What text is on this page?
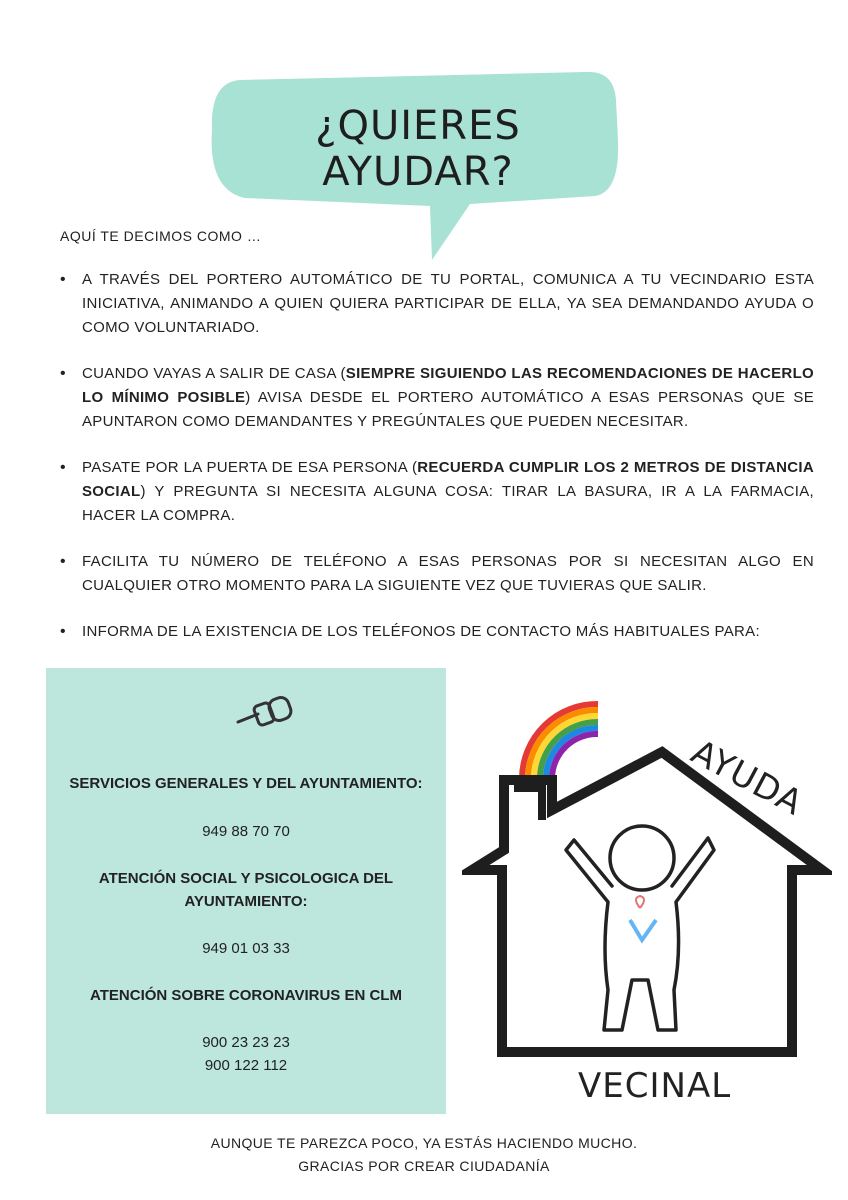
¿QUIERES AYUDAR?
AQUÍ TE DECIMOS COMO …
• A TRAVÉS DEL PORTERO AUTOMÁTICO DE TU PORTAL, COMUNICA A TU VECINDARIO ESTA INICIATIVA, ANIMANDO A QUIEN QUIERA PARTICIPAR DE ELLA, YA SEA DEMANDANDO AYUDA O COMO VOLUNTARIADO.
• CUANDO VAYAS A SALIR DE CASA (SIEMPRE SIGUIENDO LAS RECOMENDACIONES DE HACERLO LO MÍNIMO POSIBLE) AVISA DESDE EL PORTERO AUTOMÁTICO A ESAS PERSONAS QUE SE APUNTARON COMO DEMANDANTES Y PREGÚNTALES QUE PUEDEN NECESITAR.
• PASATE POR LA PUERTA DE ESA PERSONA (RECUERDA CUMPLIR LOS 2 METROS DE DISTANCIA SOCIAL) Y PREGUNTA SI NECESITA ALGUNA COSA: TIRAR LA BASURA, IR A LA FARMACIA, HACER LA COMPRA.
• FACILITA TU NÚMERO DE TELÉFONO A ESAS PERSONAS POR SI NECESITAN ALGO EN CUALQUIER OTRO MOMENTO PARA LA SIGUIENTE VEZ QUE TUVIERAS QUE SALIR.
• INFORMA DE LA EXISTENCIA DE LOS TELÉFONOS DE CONTACTO MÁS HABITUALES PARA:
SERVICIOS GENERALES Y DEL AYUNTAMIENTO:
949 88 70 70
ATENCIÓN SOCIAL Y PSICOLOGICA DEL
AYUNTAMIENTO:
949 01 03 33
ATENCIÓN SOBRE CORONAVIRUS EN CLM
900 23 23 23
900 122 112
AYUDA
VECINAL
AUNQUE TE PAREZCA POCO, YA ESTÁS HACIENDO MUCHO.
GRACIAS POR CREAR CIUDADANÍA
